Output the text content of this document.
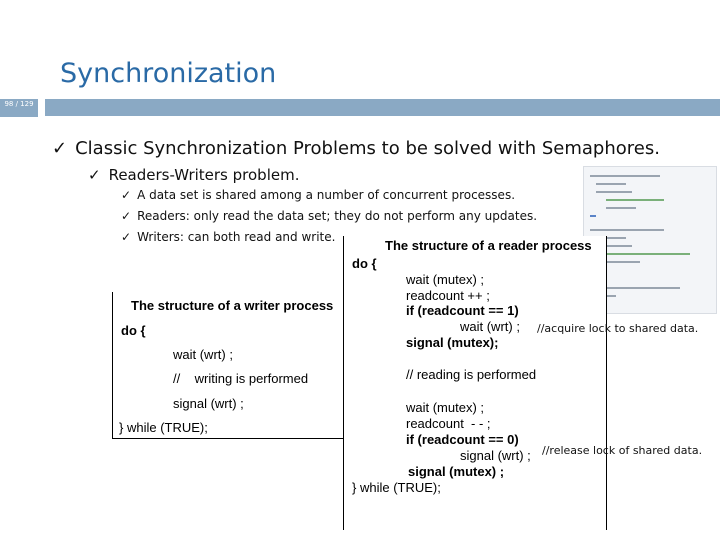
Synchronization
98 / 129
✓ Classic Synchronization Problems to be solved with Semaphores.
✓ Readers-Writers problem.
✓ A data set is shared among a number of concurrent processes.
✓ Readers: only read the data set; they do not perform any updates.
✓ Writers: can both read and write.
The structure of a writer process
do {
wait (wrt) ;
//    writing is performed
signal (wrt) ;
} while (TRUE);
The structure of a reader process
do {
wait (mutex) ;
readcount ++ ;
if (readcount == 1)
wait (wrt) ;
signal (mutex);
// reading is performed
wait (mutex) ;
readcount  - - ;
if (readcount == 0)
signal (wrt) ;
signal (mutex) ;
} while (TRUE);
//acquire lock to shared data.
//release lock of shared data.
